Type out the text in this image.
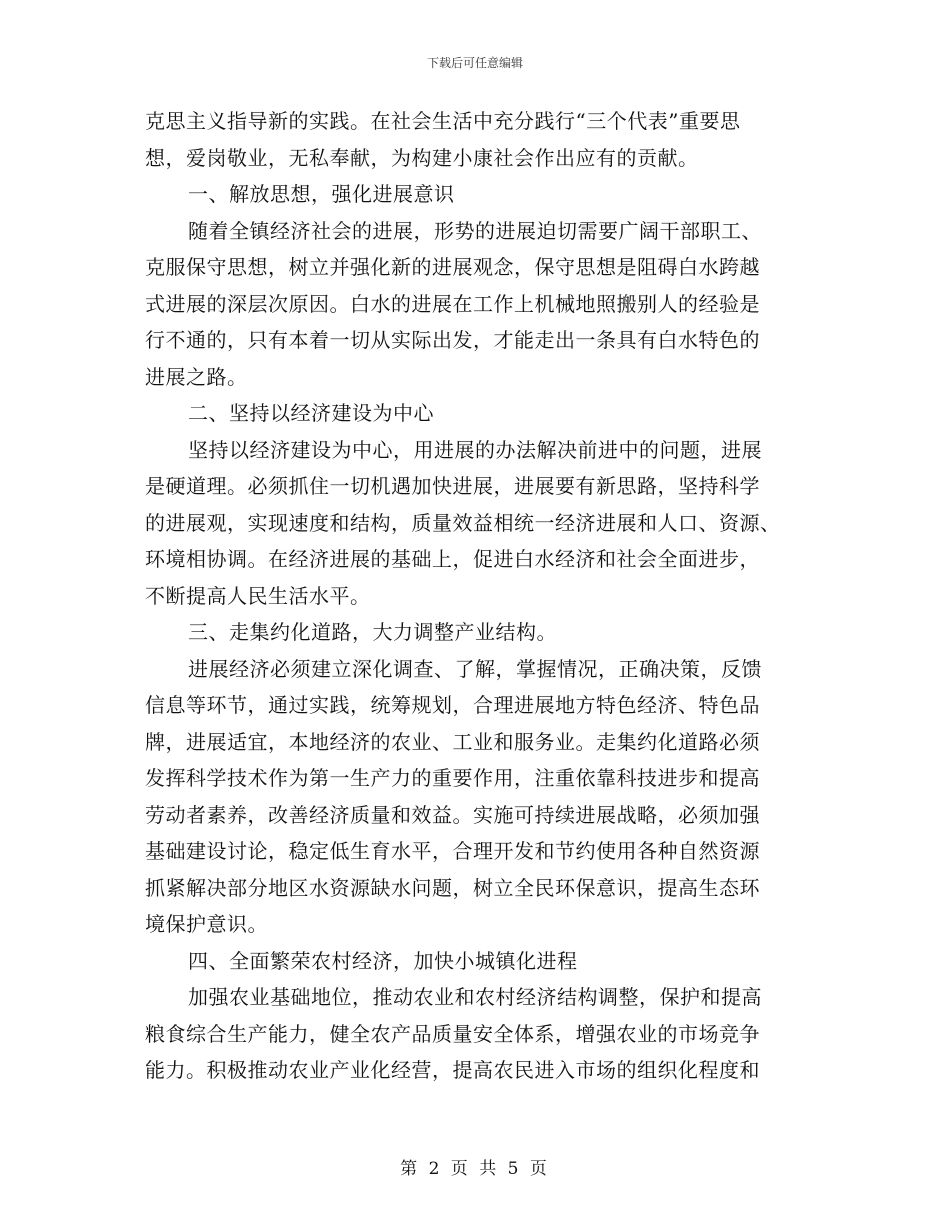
下载后可任意编辑
克思主义指导新的实践。在社会生活中充分践行“三个代表”重要思
想，爱岗敬业，无私奉献，为构建小康社会作出应有的贡献。
一、解放思想，强化进展意识
随着全镇经济社会的进展，形势的进展迫切需要广阔干部职工、
克服保守思想，树立并强化新的进展观念，保守思想是阻碍白水跨越
式进展的深层次原因。白水的进展在工作上机械地照搬别人的经验是
行不通的，只有本着一切从实际出发，才能走出一条具有白水特色的
进展之路。
二、坚持以经济建设为中心
坚持以经济建设为中心，用进展的办法解决前进中的问题，进展
是硬道理。必须抓住一切机遇加快进展，进展要有新思路，坚持科学
的进展观，实现速度和结构，质量效益相统一经济进展和人口、资源、
环境相协调。在经济进展的基础上，促进白水经济和社会全面进步，
不断提高人民生活水平。
三、走集约化道路，大力调整产业结构。
进展经济必须建立深化调查、了解，掌握情况，正确决策，反馈
信息等环节，通过实践，统筹规划，合理进展地方特色经济、特色品
牌，进展适宜，本地经济的农业、工业和服务业。走集约化道路必须
发挥科学技术作为第一生产力的重要作用，注重依靠科技进步和提高
劳动者素养，改善经济质量和效益。实施可持续进展战略，必须加强
基础建设讨论，稳定低生育水平，合理开发和节约使用各种自然资源
抓紧解决部分地区水资源缺水问题，树立全民环保意识，提高生态环
境保护意识。
四、全面繁荣农村经济，加快小城镇化进程
加强农业基础地位，推动农业和农村经济结构调整，保护和提高
粮食综合生产能力，健全农产品质量安全体系，增强农业的市场竞争
能力。积极推动农业产业化经营，提高农民进入市场的组织化程度和
第 2 页 共 5 页
